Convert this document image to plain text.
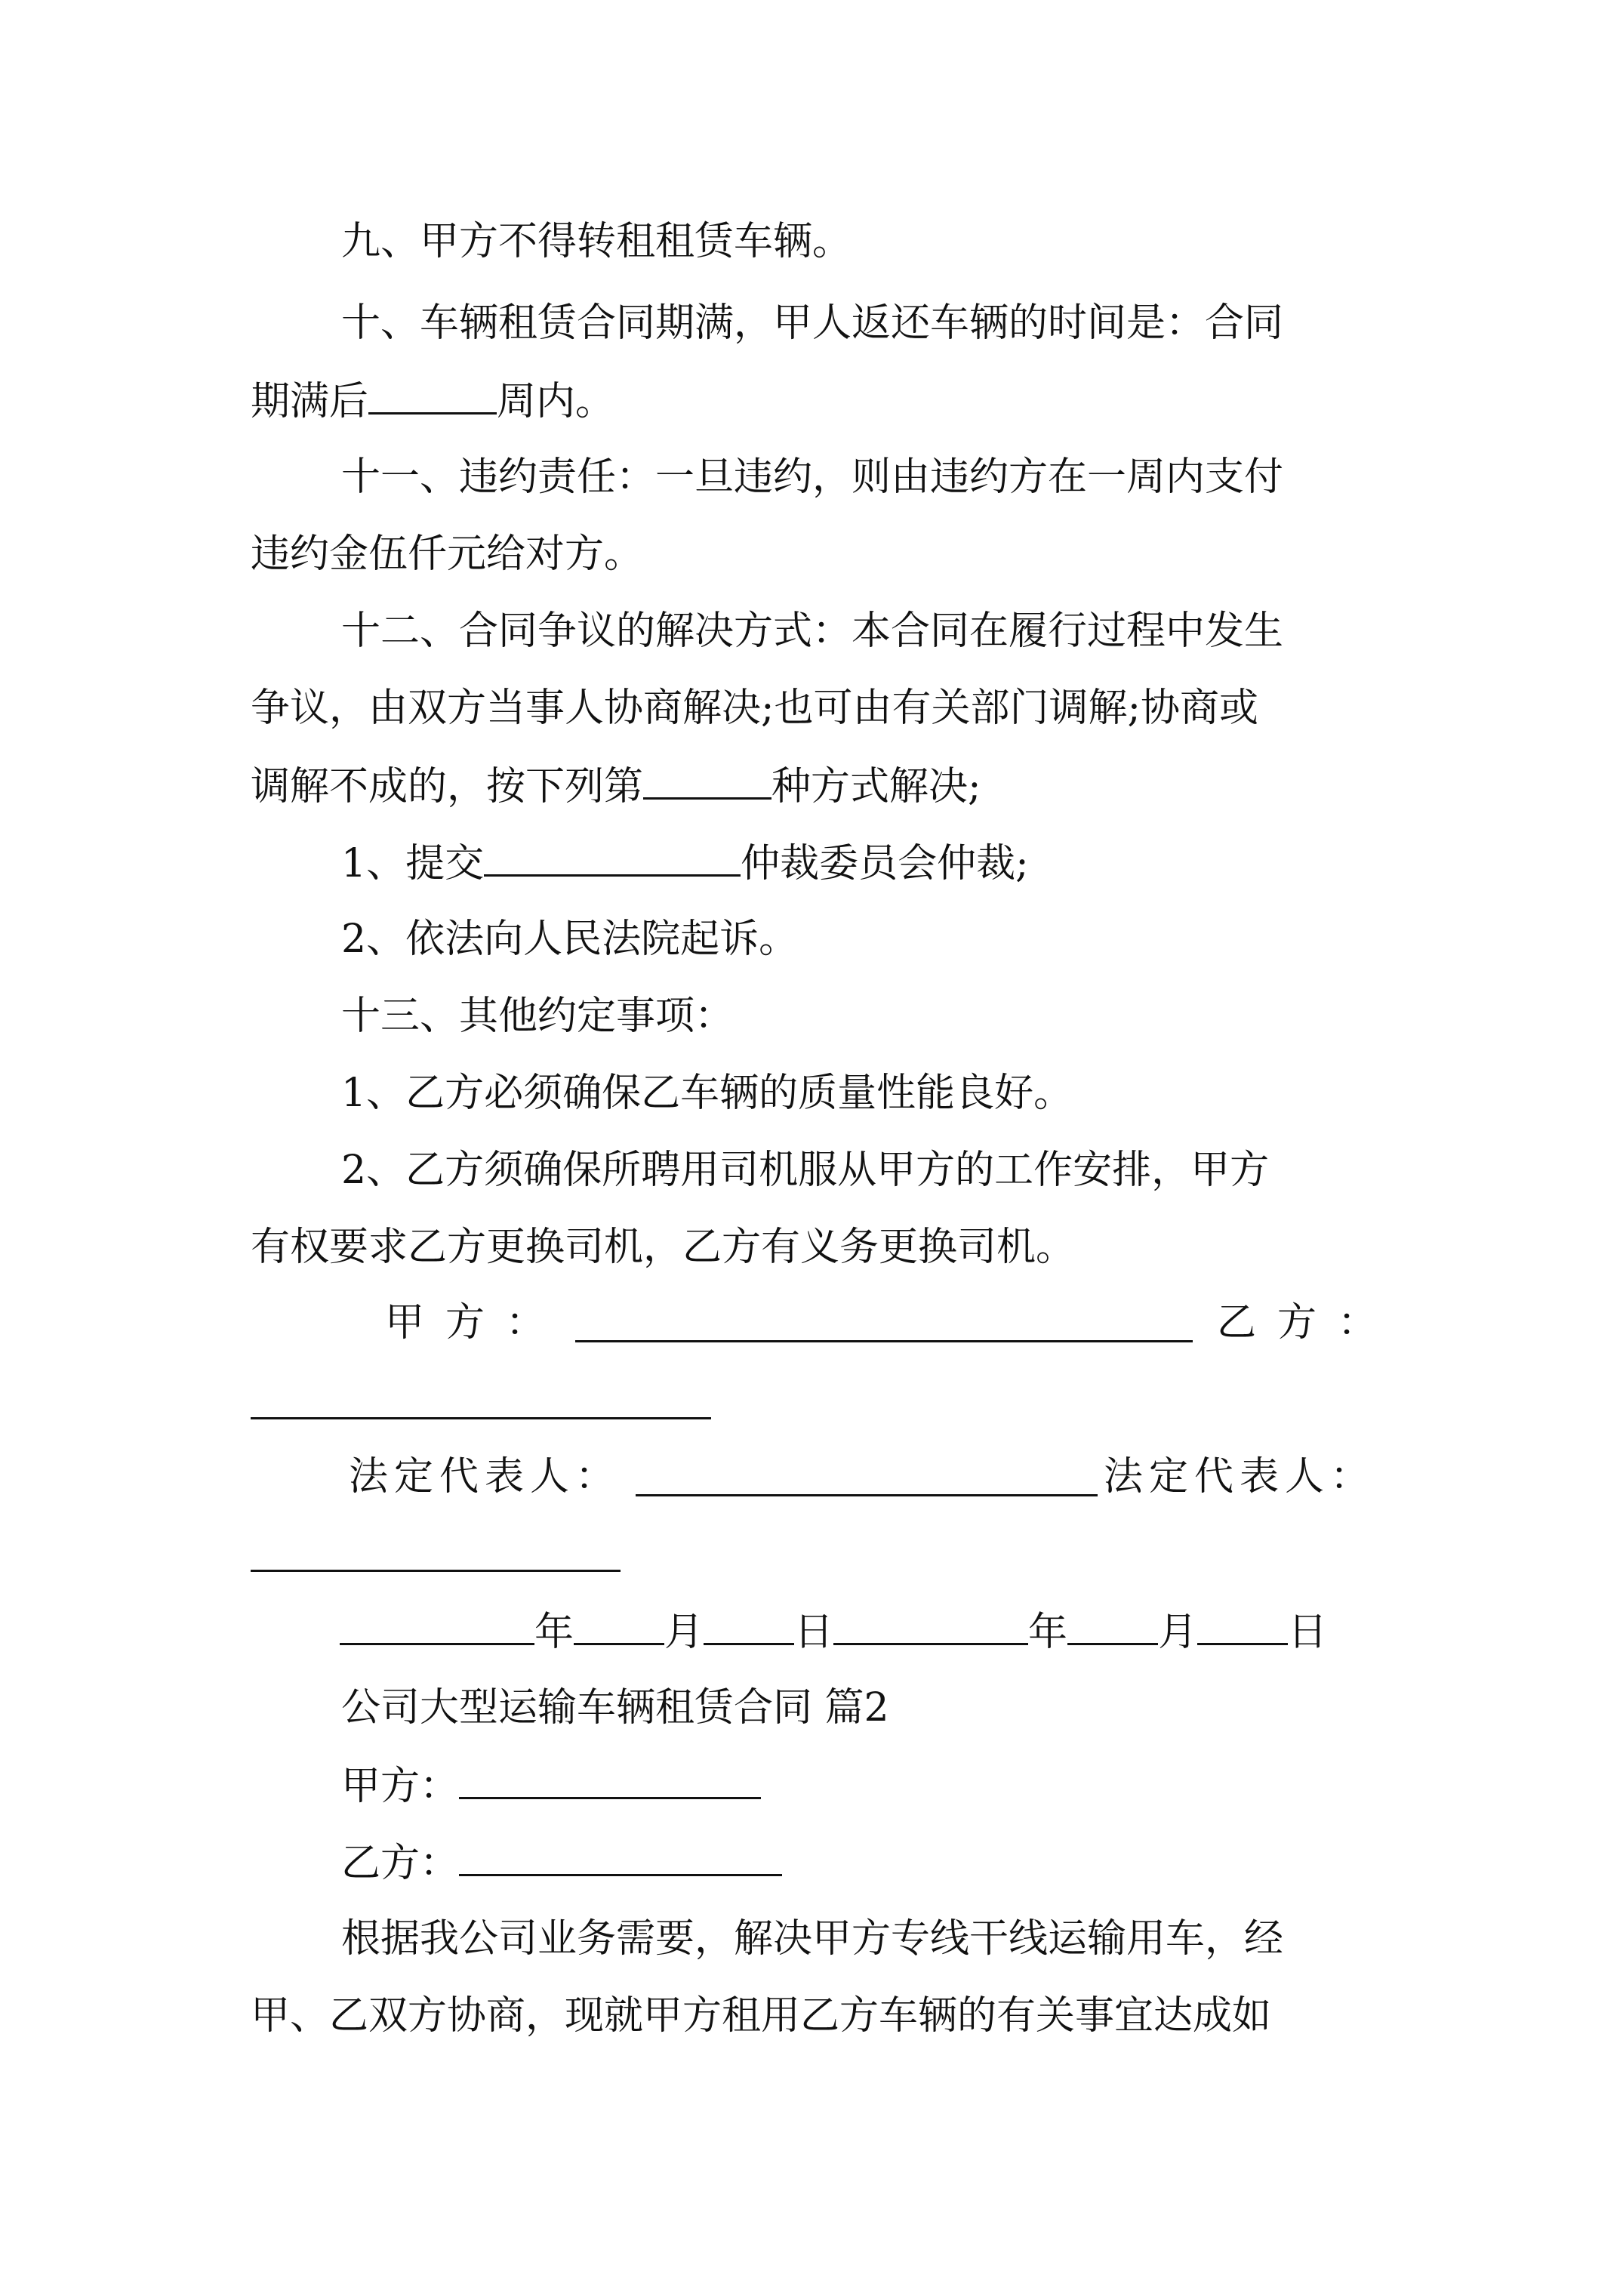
九、甲方不得转租租赁车辆。
十、车辆租赁合同期满，甲人返还车辆的时间是：合同
期满后	周内。
十一、违约责任：一旦违约，则由违约方在一周内支付
违约金伍仟元给对方。
十二、合同争议的解决方式：本合同在履行过程中发生
争议，由双方当事人协商解决;也可由有关部门调解;协商或
调解不成的，按下列第	种方式解决;
1、提交	仲裁委员会仲裁;
2、依法向人民法院起诉。
十三、其他约定事项：
1、乙方必须确保乙车辆的质量性能良好。
2、乙方须确保所聘用司机服从甲方的工作安排，甲方
有权要求乙方更换司机，乙方有义务更换司机。
甲方：	乙方：
法定代表人：	法定代表人：
年 月 日	年 月 日
公司大型运输车辆租赁合同 篇2
甲方：
乙方：
根据我公司业务需要，解决甲方专线干线运输用车，经
甲、乙双方协商，现就甲方租用乙方车辆的有关事宜达成如
